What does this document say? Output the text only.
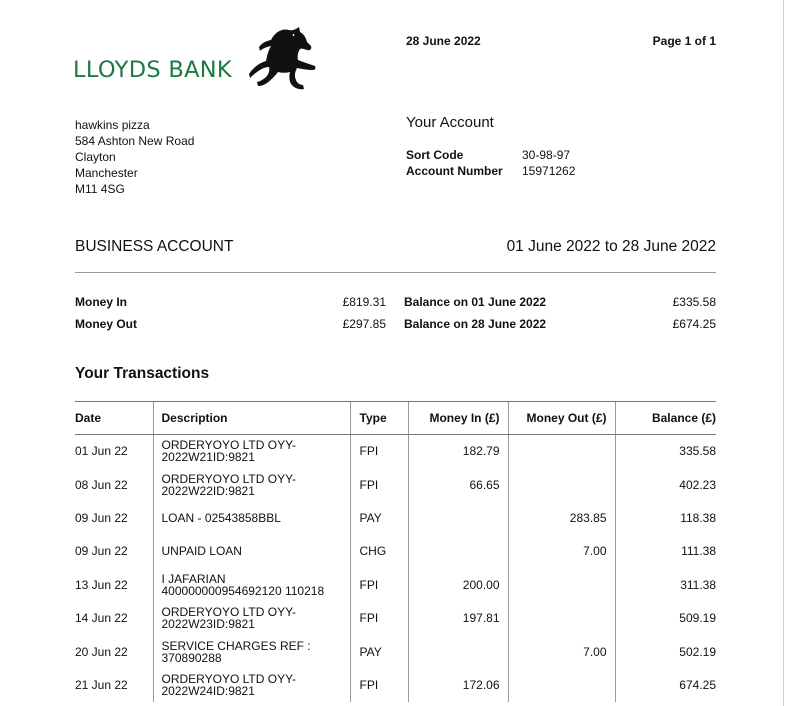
LLOYDS BANK
28 June 2022	Page 1 of 1
hawkins pizza
584 Ashton New Road
Clayton
Manchester
M11 4SG
Your Account
Sort Code	30-98-97
Account Number 15971262
BUSINESS ACCOUNT	01 June 2022 to 28 June 2022
Money In	£819.31
Money Out	£297.85
Balance on 01 June 2022	£335.58
Balance on 28 June 2022	£674.25
Your Transactions
Date	Description	Type	Money In (£)	Money Out (£)	Balance (£)
01 Jun 22	ORDERYOYO LTD OYY-
2022W21ID:9821	FPI	182.79		335.58
08 Jun 22	ORDERYOYO LTD OYY-
2022W22ID:9821	FPI	66.65		402.23
09 Jun 22	LOAN - 02543858BBL	PAY		283.85	118.38
09 Jun 22	UNPAID LOAN	CHG		7.00	111.38
13 Jun 22	I JAFARIAN
400000000954692120 110218	FPI	200.00		311.38
14 Jun 22	ORDERYOYO LTD OYY-
2022W23ID:9821	FPI	197.81		509.19
20 Jun 22	SERVICE CHARGES REF :
370890288	PAY		7.00	502.19
21 Jun 22	ORDERYOYO LTD OYY-
2022W24ID:9821	FPI	172.06		674.25
